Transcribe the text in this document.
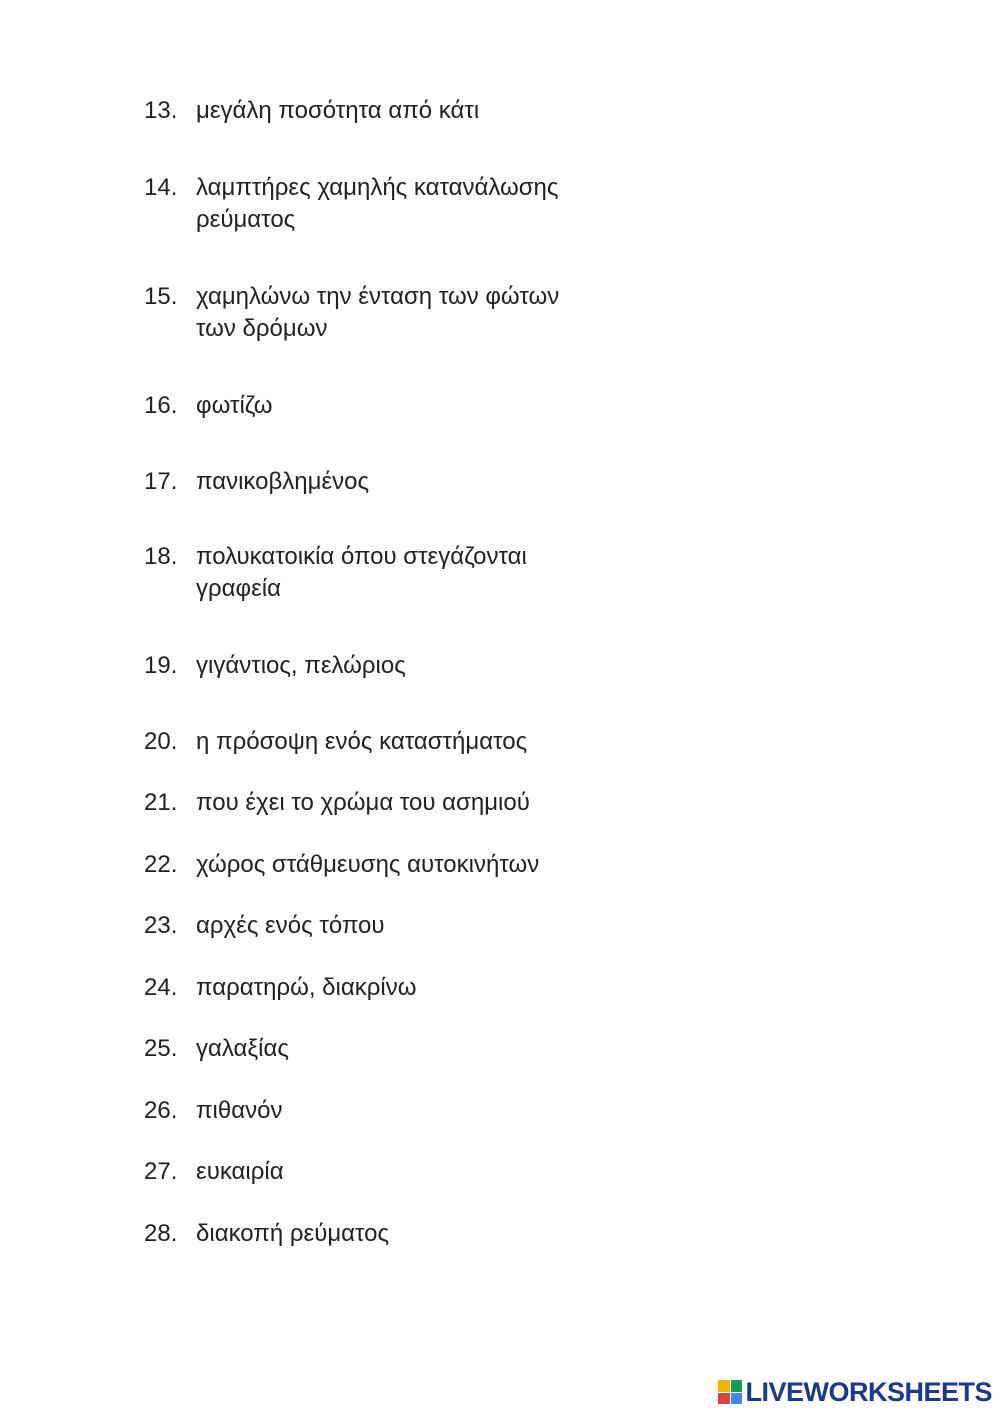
13. μεγάλη ποσότητα από κάτι
14. λαμπτήρες χαμηλής κατανάλωσης ρεύματος
15. χαμηλώνω την ένταση των φώτων των δρόμων
16. φωτίζω
17. πανικοβλημένος
18. πολυκατοικία όπου στεγάζονται γραφεία
19. γιγάντιος, πελώριος
20. η πρόσοψη ενός καταστήματος
21. που έχει το χρώμα του ασημιού
22. χώρος στάθμευσης αυτοκινήτων
23. αρχές ενός τόπου
24. παρατηρώ, διακρίνω
25. γαλαξίας
26. πιθανόν
27. ευκαιρία
28. διακοπή ρεύματος
LIVEWORKSHEETS
